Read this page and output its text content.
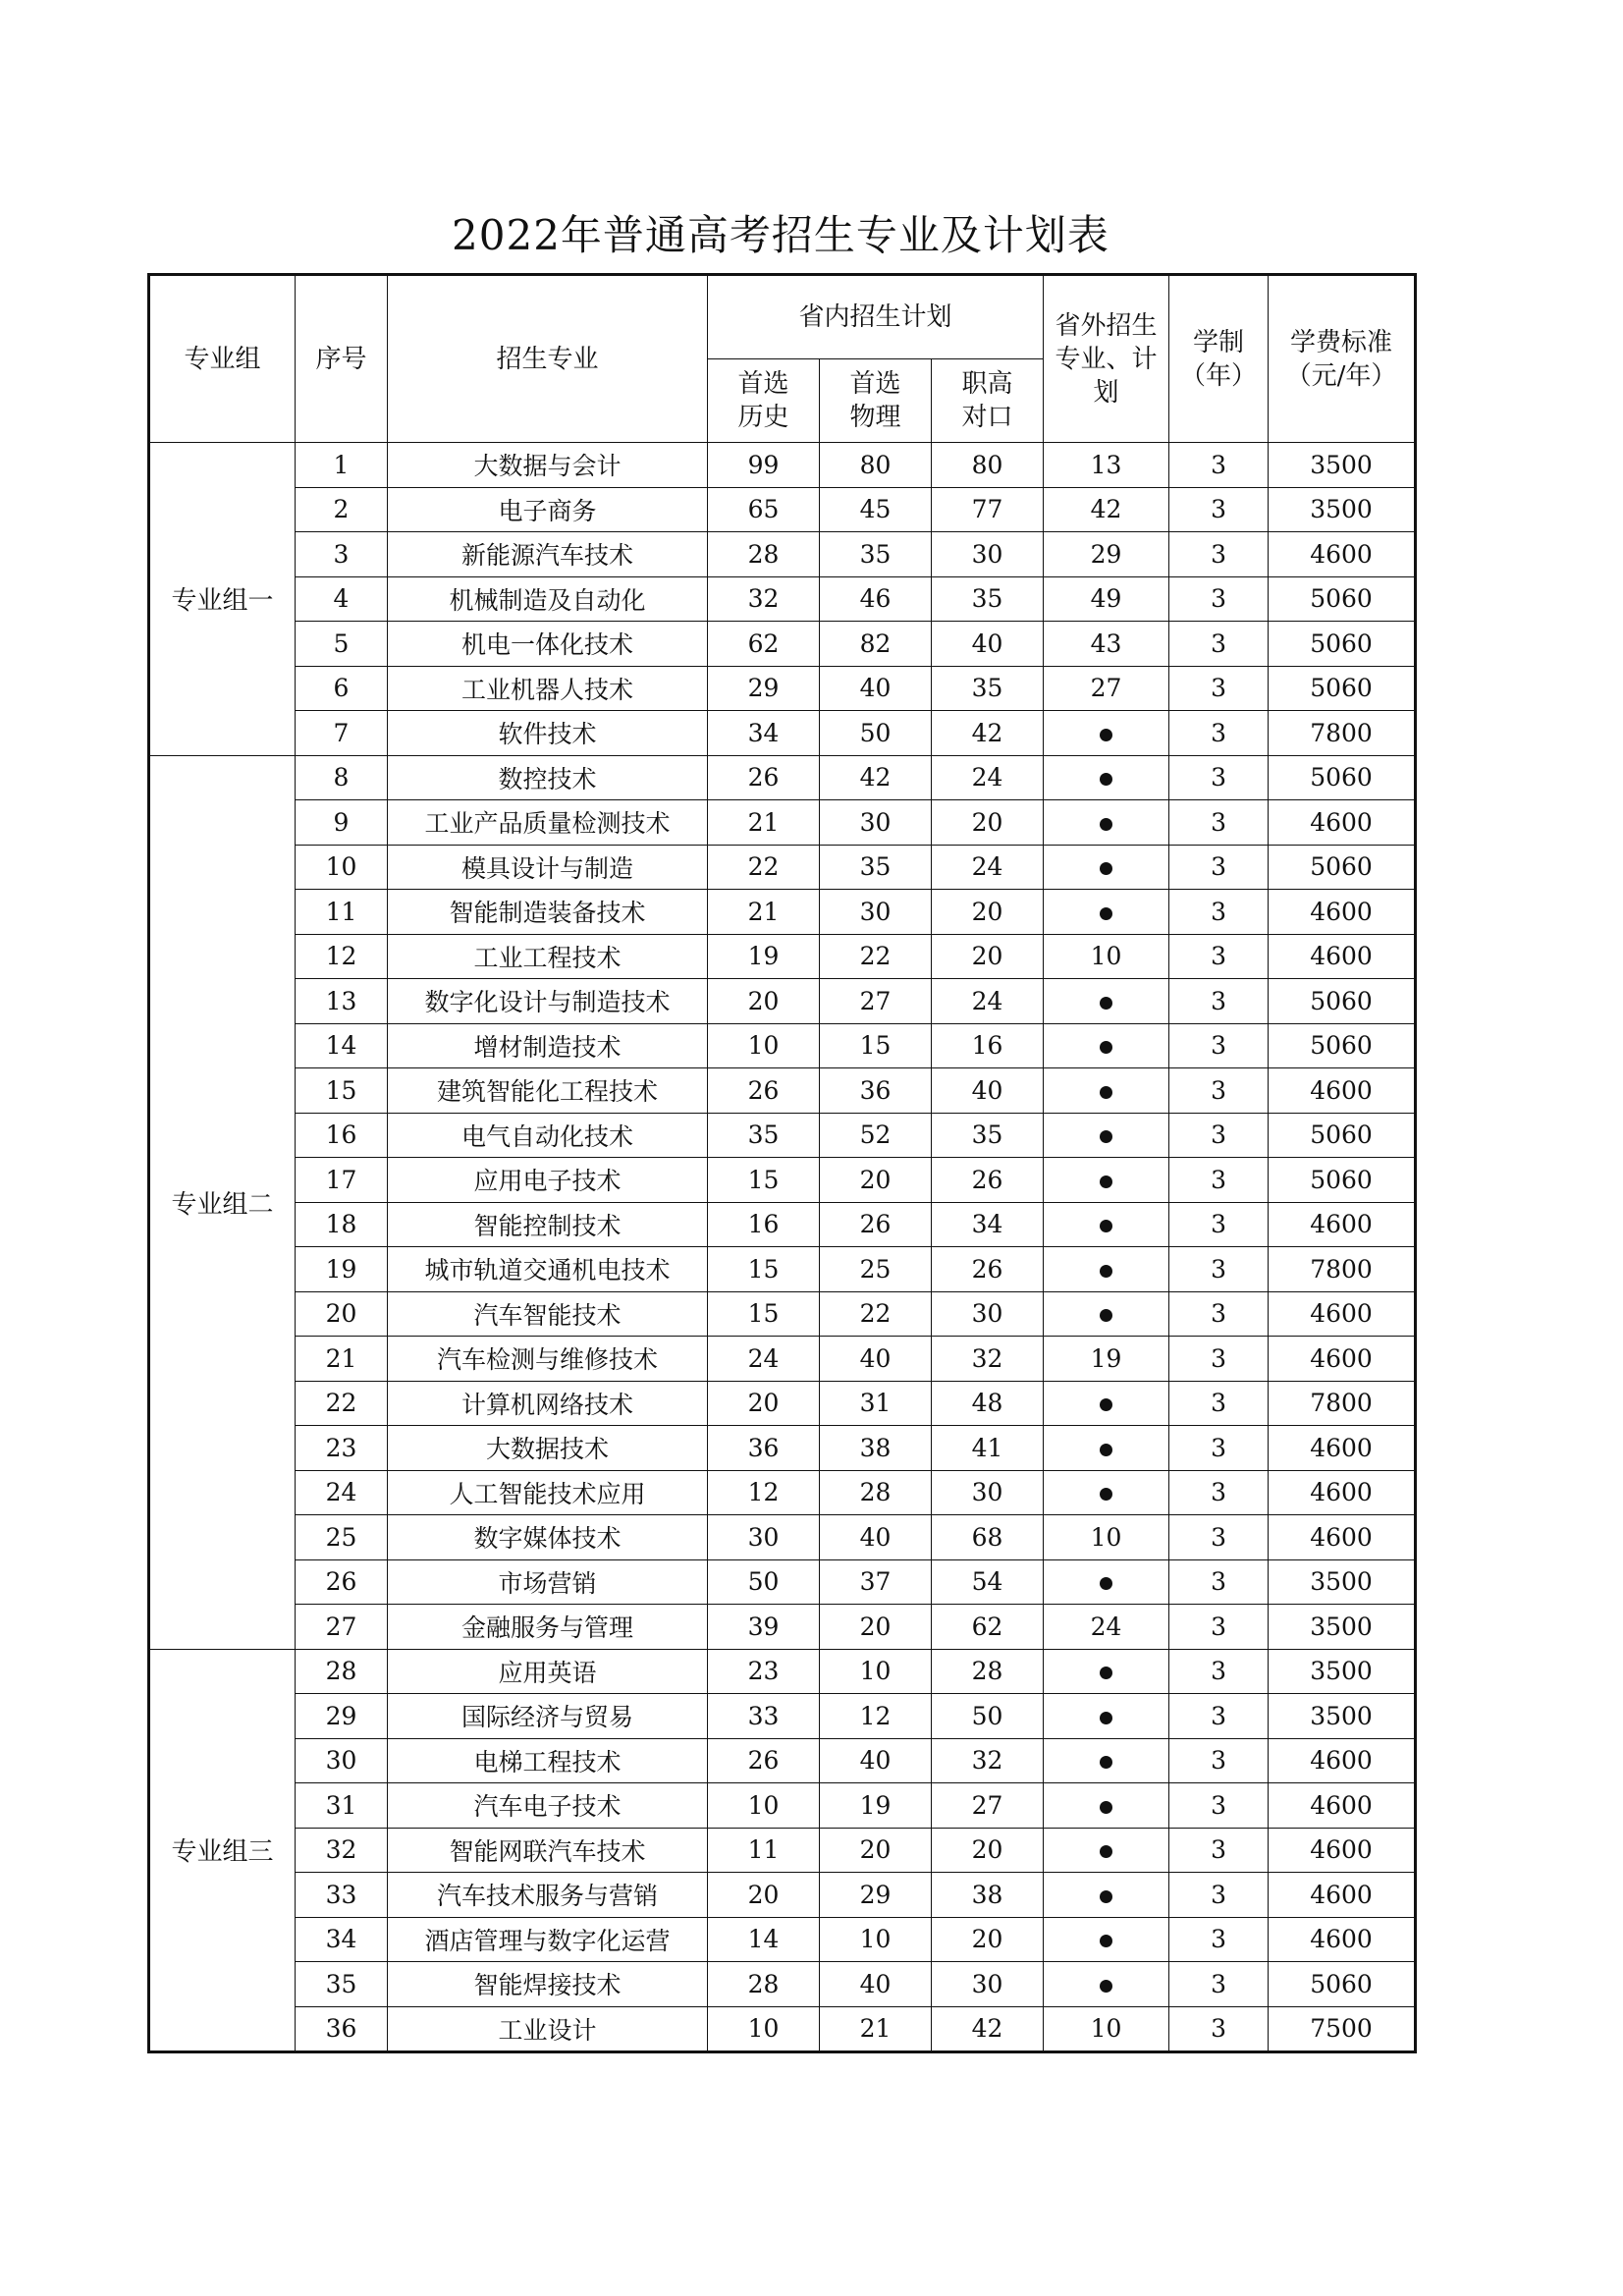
2022年普通高考招生专业及计划表
专业组	序号	招生专业	省内招生计划			省外招生专业、计划	学制（年）	学费标准（元/年）
			首选历史	首选物理	职高对口			
专业组一	1	大数据与会计	99	80	80	13	3	3500
	2	电子商务	65	45	77	42	3	3500
	3	新能源汽车技术	28	35	30	29	3	4600
	4	机械制造及自动化	32	46	35	49	3	5060
	5	机电一体化技术	62	82	40	43	3	5060
	6	工业机器人技术	29	40	35	27	3	5060
	7	软件技术	34	50	42		3	7800
专业组二	8	数控技术	26	42	24		3	5060
	9	工业产品质量检测技术	21	30	20		3	4600
	10	模具设计与制造	22	35	24		3	5060
	11	智能制造装备技术	21	30	20		3	4600
	12	工业工程技术	19	22	20	10	3	4600
	13	数字化设计与制造技术	20	27	24		3	5060
	14	增材制造技术	10	15	16		3	5060
	15	建筑智能化工程技术	26	36	40		3	4600
	16	电气自动化技术	35	52	35		3	5060
	17	应用电子技术	15	20	26		3	5060
	18	智能控制技术	16	26	34		3	4600
	19	城市轨道交通机电技术	15	25	26		3	7800
	20	汽车智能技术	15	22	30		3	4600
	21	汽车检测与维修技术	24	40	32	19	3	4600
	22	计算机网络技术	20	31	48		3	7800
	23	大数据技术	36	38	41		3	4600
	24	人工智能技术应用	12	28	30		3	4600
	25	数字媒体技术	30	40	68	10	3	4600
	26	市场营销	50	37	54		3	3500
	27	金融服务与管理	39	20	62	24	3	3500
专业组三	28	应用英语	23	10	28		3	3500
	29	国际经济与贸易	33	12	50		3	3500
	30	电梯工程技术	26	40	32		3	4600
	31	汽车电子技术	10	19	27		3	4600
	32	智能网联汽车技术	11	20	20		3	4600
	33	汽车技术服务与营销	20	29	38		3	4600
	34	酒店管理与数字化运营	14	10	20		3	4600
	35	智能焊接技术	28	40	30		3	5060
	36	工业设计	10	21	42	10	3	7500
